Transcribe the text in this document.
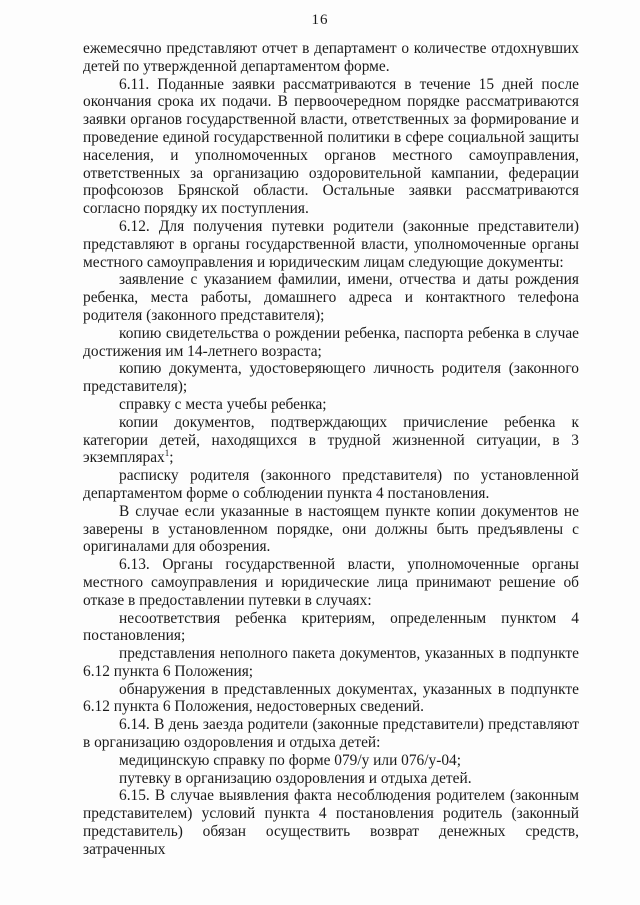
16

ежемесячно представляют отчет в департамент о количестве отдохнувших детей по утвержденной департаментом форме.

6.11. Поданные заявки рассматриваются в течение 15 дней после окончания срока их подачи. В первоочередном порядке рассматриваются заявки органов государственной власти, ответственных за формирование и проведение единой государственной политики в сфере социальной защиты населения, и уполномоченных органов местного самоуправления, ответственных за организацию оздоровительной кампании, федерации профсоюзов Брянской области. Остальные заявки рассматриваются согласно порядку их поступления.

6.12. Для получения путевки родители (законные представители) представляют в органы государственной власти, уполномоченные органы местного самоуправления и юридическим лицам следующие документы:

заявление с указанием фамилии, имени, отчества и даты рождения ребенка, места работы, домашнего адреса и контактного телефона родителя (законного представителя);

копию свидетельства о рождении ребенка, паспорта ребенка в случае достижения им 14-летнего возраста;

копию документа, удостоверяющего личность родителя (законного представителя);

справку с места учебы ребенка;

копии документов, подтверждающих причисление ребенка к категории детей, находящихся в трудной жизненной ситуации, в 3 экземплярах$^1$;

расписку родителя (законного представителя) по установленной департаментом форме о соблюдении пункта 4 постановления.

В случае если указанные в настоящем пункте копии документов не заверены в установленном порядке, они должны быть предъявлены с оригиналами для обозрения.

6.13. Органы государственной власти, уполномоченные органы местного самоуправления и юридические лица принимают решение об отказе в предоставлении путевки в случаях:

несоответствия ребенка критериям, определенным пунктом 4 постановления;

представления неполного пакета документов, указанных в подпункте 6.12 пункта 6 Положения;

обнаружения в представленных документах, указанных в подпункте 6.12 пункта 6 Положения, недостоверных сведений.

6.14. В день заезда родители (законные представители) представляют в организацию оздоровления и отдыха детей:

медицинскую справку по форме 079/у или 076/у-04;

путевку в организацию оздоровления и отдыха детей.

6.15. В случае выявления факта несоблюдения родителем (законным представителем) условий пункта 4 постановления родитель (законный представитель) обязан осуществить возврат денежных средств, затраченных
